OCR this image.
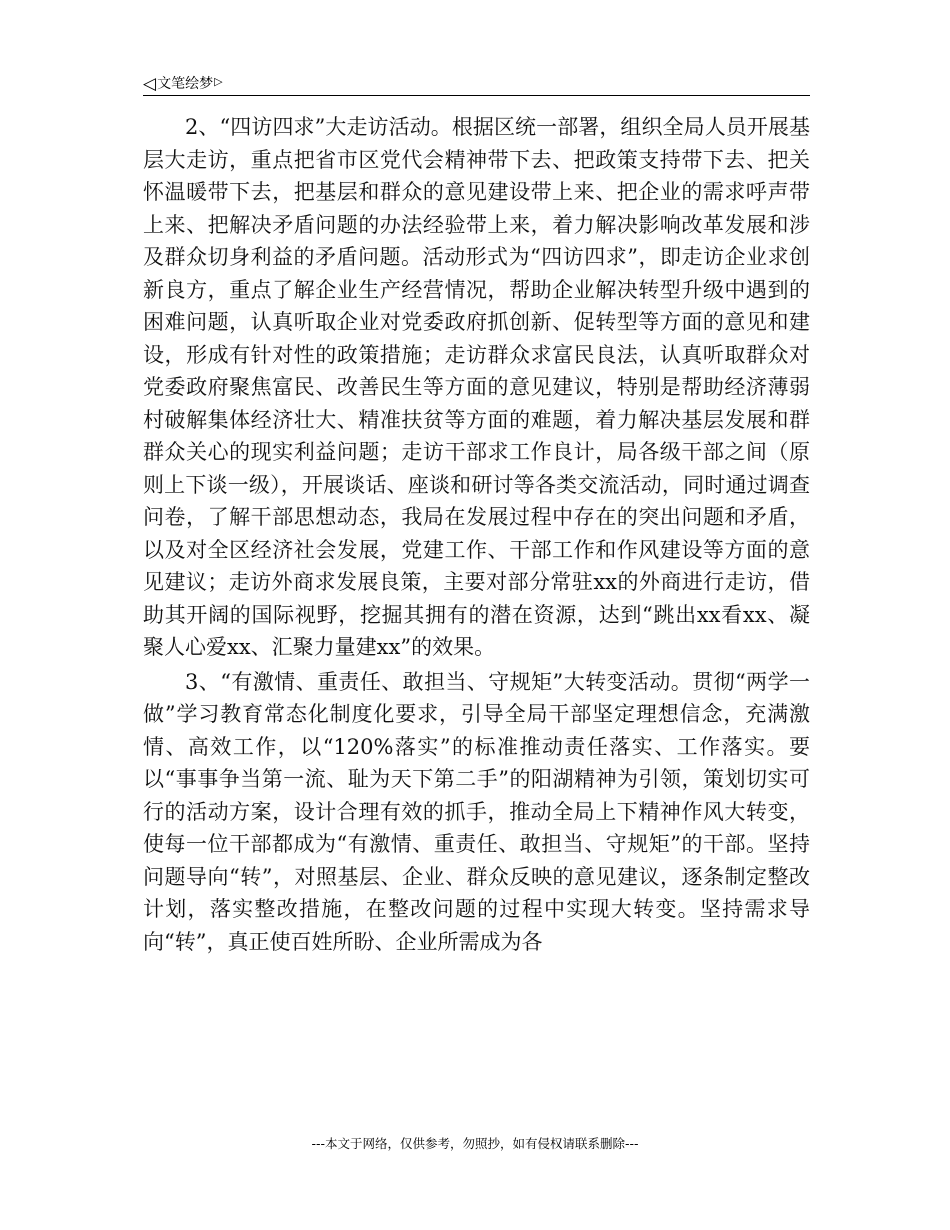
◁ 文笔绘梦 ▷

2、“四访四求”大走访活动。根据区统一部署，组织全局人员开展基层大走访，重点把省市区党代会精神带下去、把政策支持带下去、把关怀温暖带下去，把基层和群众的意见建设带上来、把企业的需求呼声带上来、把解决矛盾问题的办法经验带上来，着力解决影响改革发展和涉及群众切身利益的矛盾问题。活动形式为“四访四求”，即走访企业求创新良方，重点了解企业生产经营情况，帮助企业解决转型升级中遇到的困难问题，认真听取企业对党委政府抓创新、促转型等方面的意见和建设，形成有针对性的政策措施；走访群众求富民良法，认真听取群众对党委政府聚焦富民、改善民生等方面的意见建议，特别是帮助经济薄弱村破解集体经济壮大、精准扶贫等方面的难题，着力解决基层发展和群群众关心的现实利益问题；走访干部求工作良计，局各级干部之间（原则上下谈一级），开展谈话、座谈和研讨等各类交流活动，同时通过调查问卷，了解干部思想动态，我局在发展过程中存在的突出问题和矛盾，以及对全区经济社会发展，党建工作、干部工作和作风建设等方面的意见建议；走访外商求发展良策，主要对部分常驻xx的外商进行走访，借助其开阔的国际视野，挖掘其拥有的潜在资源，达到“跳出xx看xx、凝聚人心爱xx、汇聚力量建xx”的效果。

3、“有激情、重责任、敢担当、守规矩”大转变活动。贯彻“两学一做”学习教育常态化制度化要求，引导全局干部坚定理想信念，充满激情、高效工作，以“120%落实”的标准推动责任落实、工作落实。要以“事事争当第一流、耻为天下第二手”的阳湖精神为引领，策划切实可行的活动方案，设计合理有效的抓手，推动全局上下精神作风大转变，使每一位干部都成为“有激情、重责任、敢担当、守规矩”的干部。坚持问题导向“转”，对照基层、企业、群众反映的意见建议，逐条制定整改计划，落实整改措施，在整改问题的过程中实现大转变。坚持需求导向“转”，真正使百姓所盼、企业所需成为各

---本文于网络，仅供参考，勿照抄，如有侵权请联系删除---
